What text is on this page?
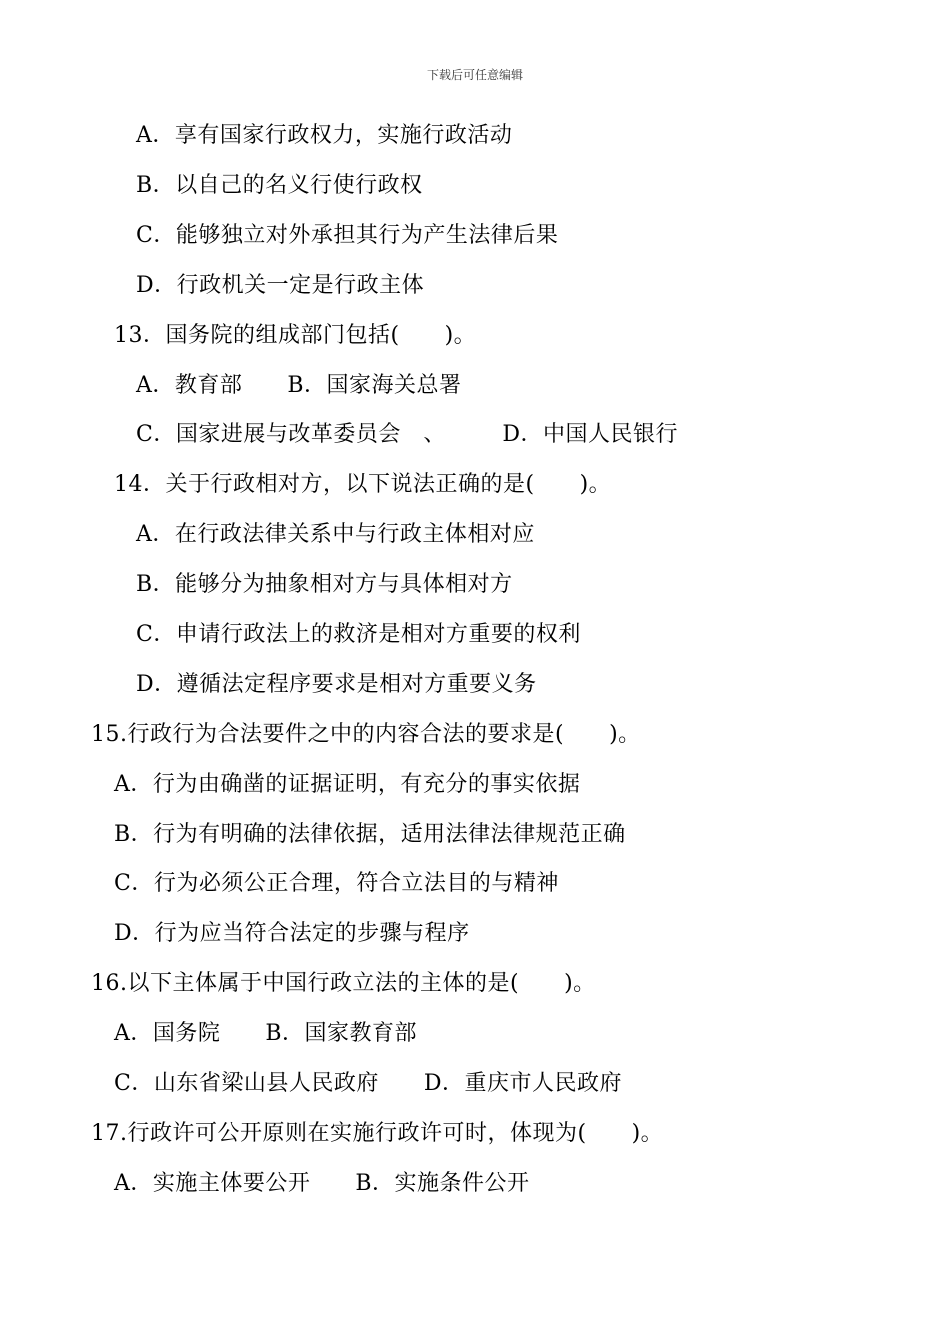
下载后可任意编辑
A．享有国家行政权力，实施行政活动
B．以自己的名义行使行政权
C．能够独立对外承担其行为产生法律后果
D．行政机关一定是行政主体
13．国务院的组成部门包括(　　)。
A．教育部　　B．国家海关总署
C．国家进展与改革委员会　、　　　D．中国人民银行
14．关于行政相对方，以下说法正确的是(　　)。
A．在行政法律关系中与行政主体相对应
B．能够分为抽象相对方与具体相对方
C．申请行政法上的救济是相对方重要的权利
D．遵循法定程序要求是相对方重要义务
15.行政行为合法要件之中的内容合法的要求是(　　)。
A．行为由确凿的证据证明，有充分的事实依据
B．行为有明确的法律依据，适用法律法律规范正确
C．行为必须公正合理，符合立法目的与精神
D．行为应当符合法定的步骤与程序
16.以下主体属于中国行政立法的主体的是(　　)。
A．国务院　　B．国家教育部
C．山东省梁山县人民政府　　D．重庆市人民政府
17.行政许可公开原则在实施行政许可时，体现为(　　)。
A．实施主体要公开　　B．实施条件公开
